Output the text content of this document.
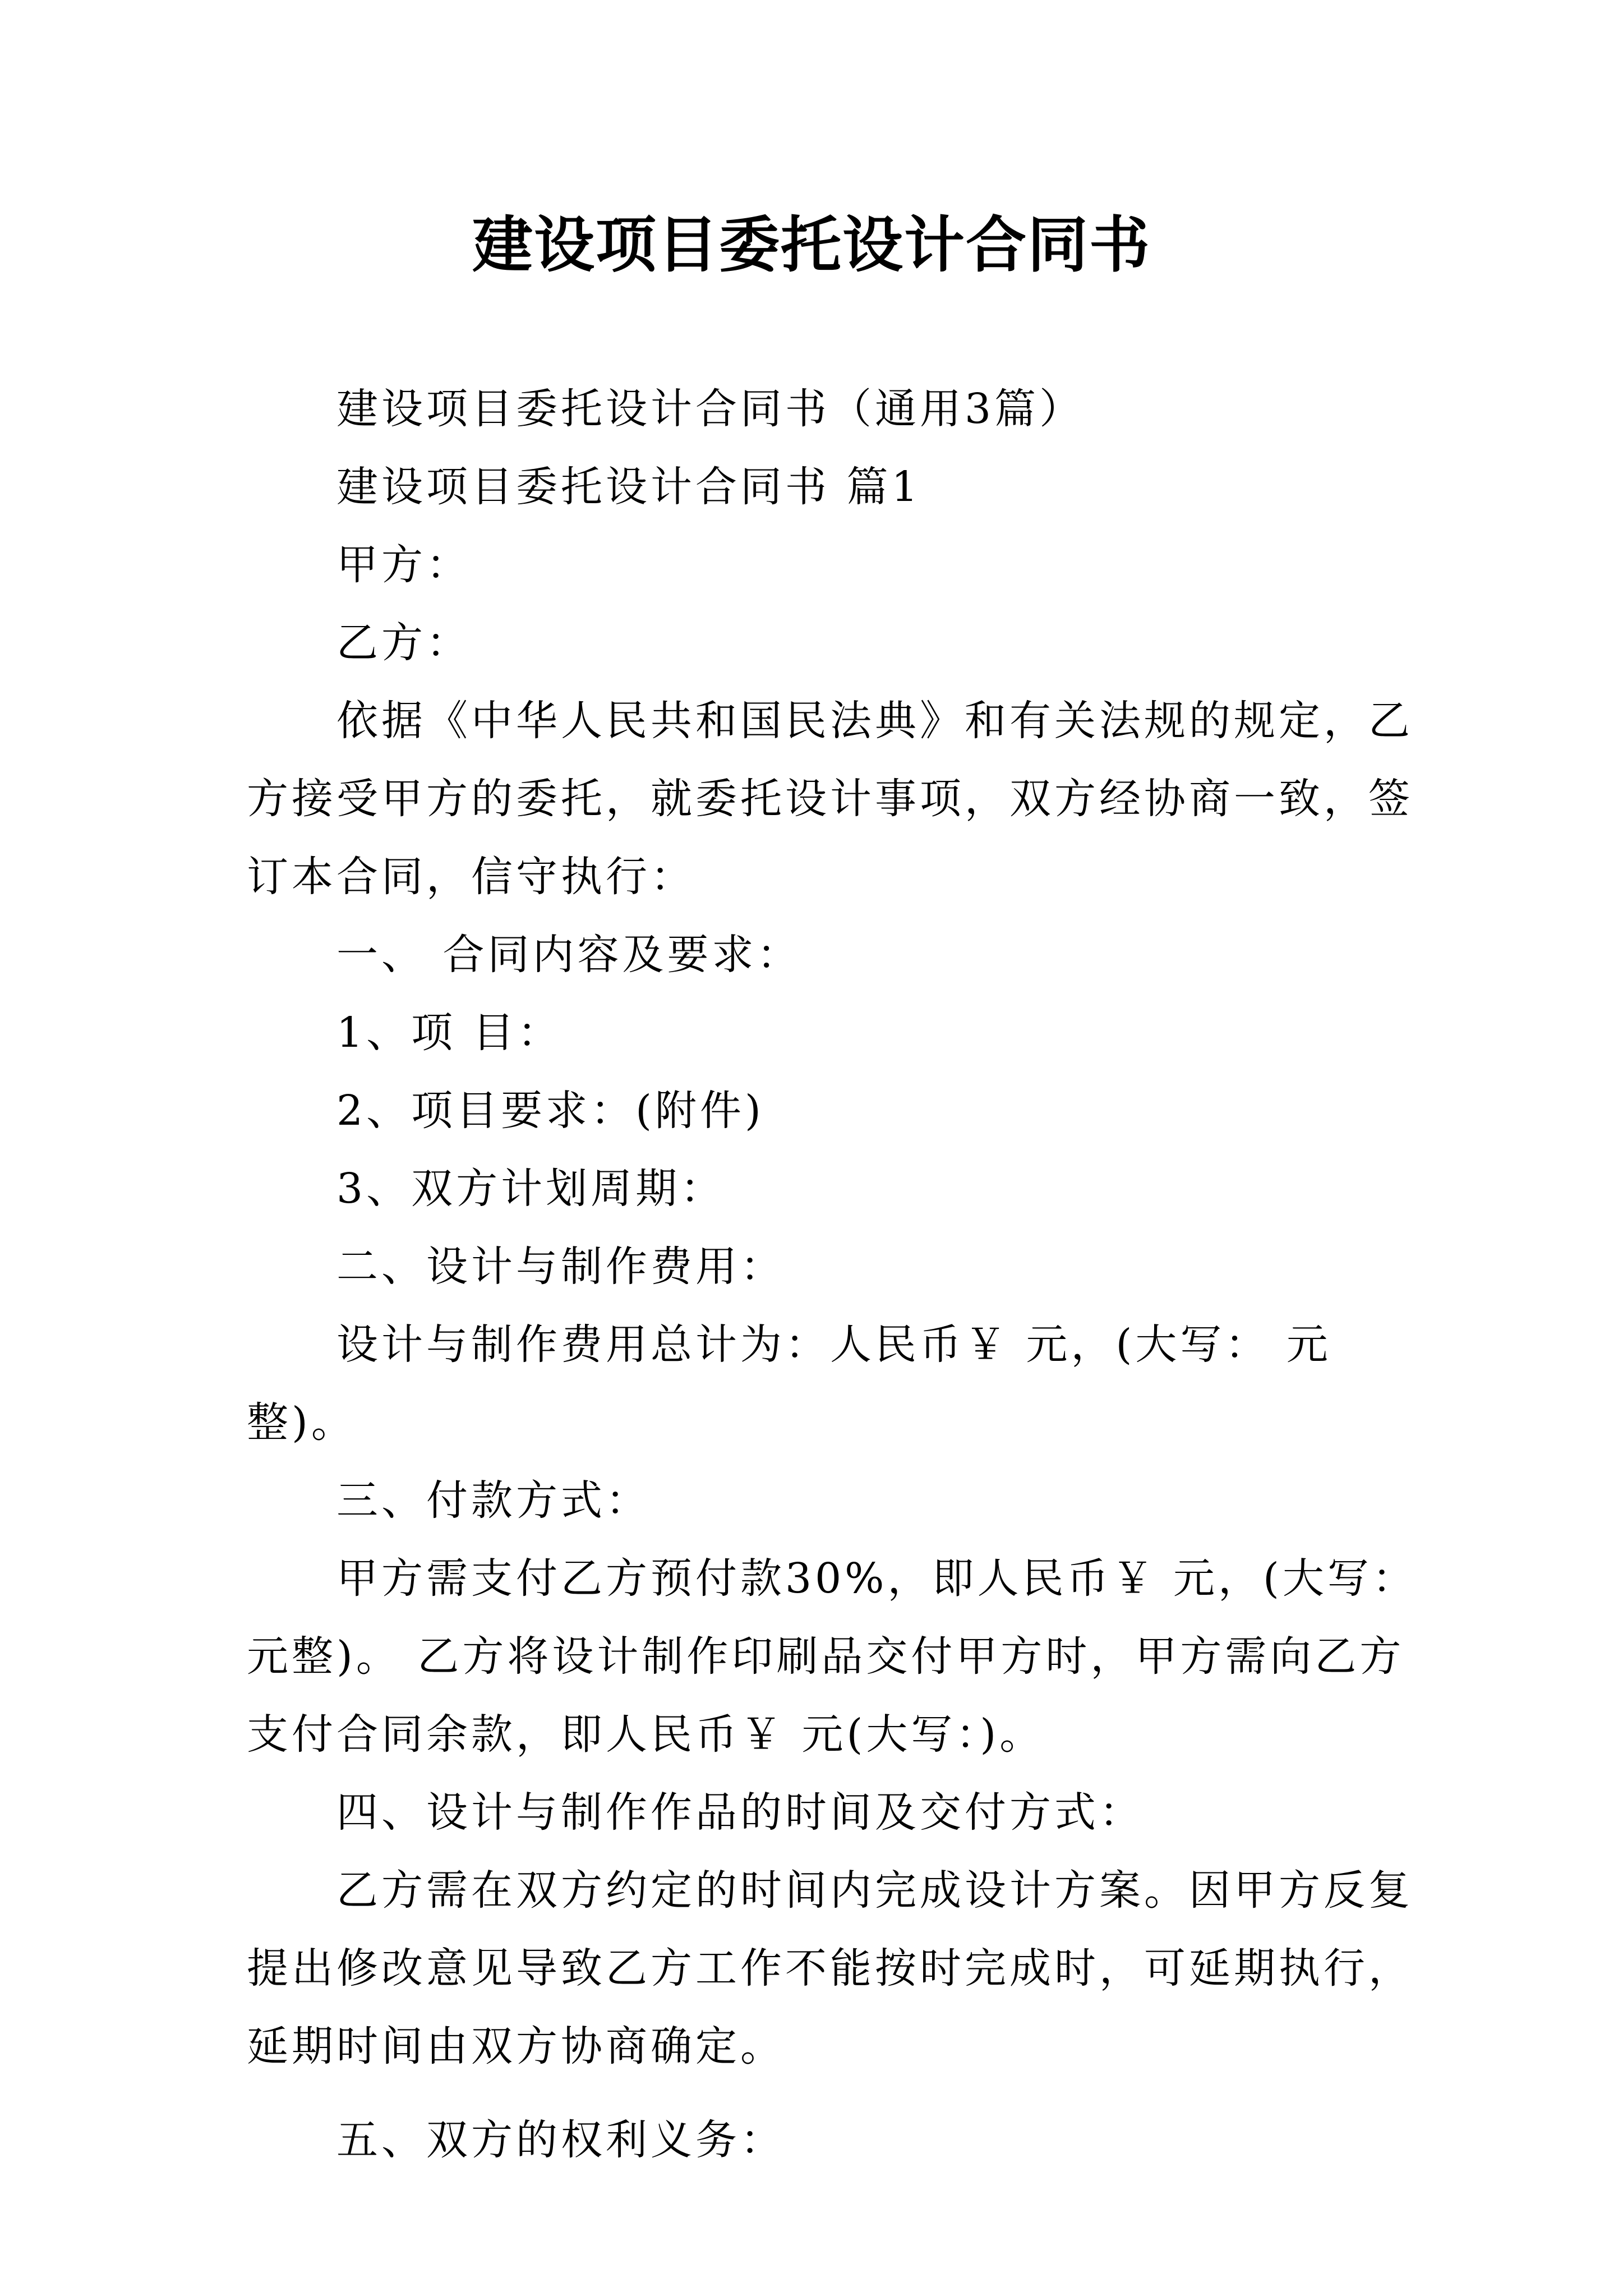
建设项目委托设计合同书

建设项目委托设计合同书（通用3篇）

建设项目委托设计合同书 篇1

甲方：

乙方：

依据《中华人民共和国民法典》和有关法规的规定，乙方接受甲方的委托，就委托设计事项，双方经协商一致，签订本合同，信守执行：

一、 合同内容及要求：

1、项 目：

2、项目要求：(附件)

3、双方计划周期：

二、设计与制作费用：

设计与制作费用总计为：人民币￥ 元，(大写： 元整)。

三、付款方式：

甲方需支付乙方预付款30%，即人民币￥ 元，(大写： 元整)。 乙方将设计制作印刷品交付甲方时，甲方需向乙方支付合同余款，即人民币￥ 元(大写：)。

四、设计与制作作品的时间及交付方式：

乙方需在双方约定的时间内完成设计方案。因甲方反复提出修改意见导致乙方工作不能按时完成时，可延期执行，延期时间由双方协商确定。

五、双方的权利义务：
